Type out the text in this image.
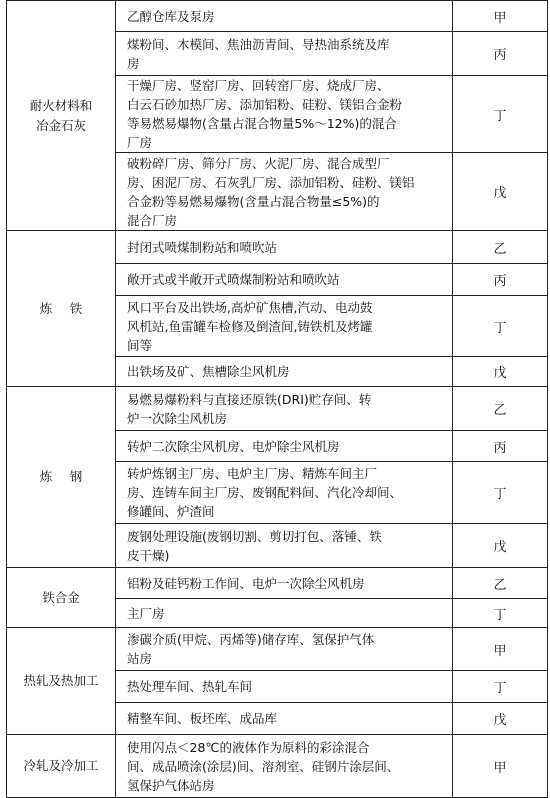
耐火材料和
冶金石灰	乙醇仓库及泵房	甲

	煤粉间、木模间、焦油沥青间、导热油系统及库
房	丙

	干燥厂房、竖窑厂房、回转窑厂房、烧成厂房、
白云石砂加热厂房、添加铝粉、硅粉、镁铝合金粉
等易燃易爆物(含量占混合物量5%～12%)的混合
厂房	丁

	破粉碎厂房、筛分厂房、火泥厂房、混合成型厂
房、困泥厂房、石灰乳厂房、添加铝粉、硅粉、镁铝
合金粉等易燃易爆物(含量占混合物量≤5%)的
混合厂房	戊

炼铁	封闭式喷煤制粉站和喷吹站	乙
	敞开式或半敞开式喷煤制粉站和喷吹站	丙

	风口平台及出铁场,高炉矿焦槽,汽动、电动鼓
风机站,鱼雷罐车检修及倒渣间,铸铁机及烤罐
间等	丁
	出铁场及矿、焦槽除尘风机房	戊

炼钢	易燃易爆粉料与直接还原铁(DRI)贮存间、转
炉一次除尘风机房	乙
	转炉二次除尘风机房、电炉除尘风机房	丙

	转炉炼钢主厂房、电炉主厂房、精炼车间主厂
房、连铸车间主厂房、废钢配料间、汽化冷却间、
修罐间、炉渣间	丁

	废钢处理设施(废钢切割、剪切打包、落锤、铁
皮干燥)	戊

铁合金	铝粉及硅钙粉工作间、电炉一次除尘风机房	乙
	主厂房	丁

热轧及热加工	渗碳介质(甲烷、丙烯等)储存库、氢保护气体
站房	甲
	热处理车间、热轧车间	丁
	精整车间、板坯库、成品库	戊

冷轧及冷加工	使用闪点＜28℃的液体作为原料的彩涂混合
间、成品喷涂(涂层)间、溶剂室、硅钢片涂层间、
氢保护气体站房	甲
